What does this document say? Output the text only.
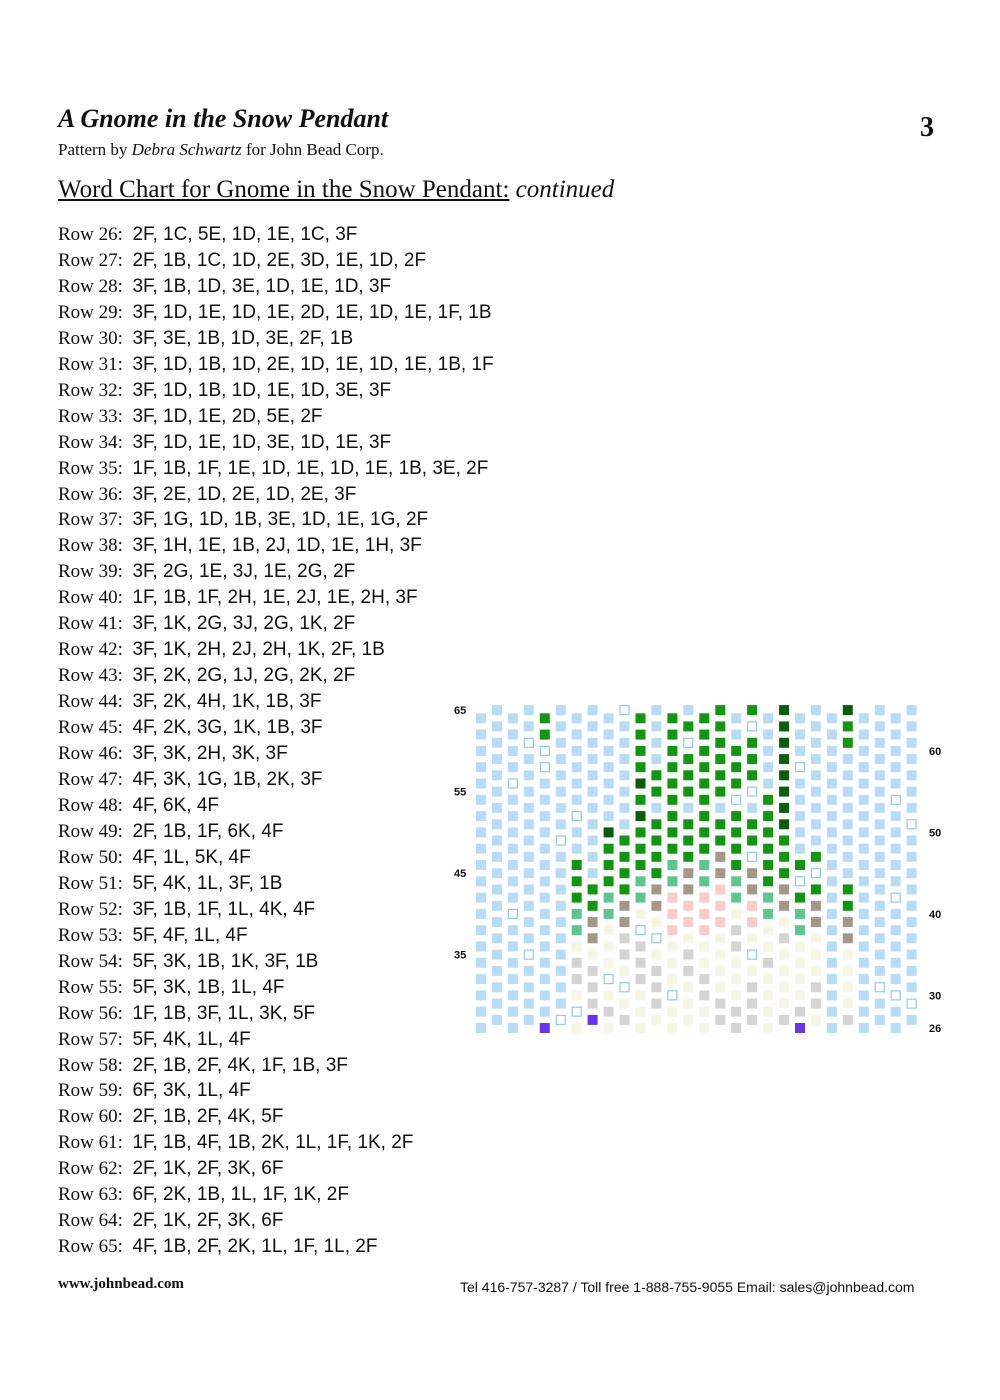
A Gnome in the Snow Pendant
Pattern by Debra Schwartz for John Bead Corp.
3
Word Chart for Gnome in the Snow Pendant: continued
Row 26: 2F, 1C, 5E, 1D, 1E, 1C, 3F
Row 27: 2F, 1B, 1C, 1D, 2E, 3D, 1E, 1D, 2F
Row 28: 3F, 1B, 1D, 3E, 1D, 1E, 1D, 3F
Row 29: 3F, 1D, 1E, 1D, 1E, 2D, 1E, 1D, 1E, 1F, 1B
Row 30: 3F, 3E, 1B, 1D, 3E, 2F, 1B
Row 31: 3F, 1D, 1B, 1D, 2E, 1D, 1E, 1D, 1E, 1B, 1F
Row 32: 3F, 1D, 1B, 1D, 1E, 1D, 3E, 3F
Row 33: 3F, 1D, 1E, 2D, 5E, 2F
Row 34: 3F, 1D, 1E, 1D, 3E, 1D, 1E, 3F
Row 35: 1F, 1B, 1F, 1E, 1D, 1E, 1D, 1E, 1B, 3E, 2F
Row 36: 3F, 2E, 1D, 2E, 1D, 2E, 3F
Row 37: 3F, 1G, 1D, 1B, 3E, 1D, 1E, 1G, 2F
Row 38: 3F, 1H, 1E, 1B, 2J, 1D, 1E, 1H, 3F
Row 39: 3F, 2G, 1E, 3J, 1E, 2G, 2F
Row 40: 1F, 1B, 1F, 2H, 1E, 2J, 1E, 2H, 3F
Row 41: 3F, 1K, 2G, 3J, 2G, 1K, 2F
Row 42: 3F, 1K, 2H, 2J, 2H, 1K, 2F, 1B
Row 43: 3F, 2K, 2G, 1J, 2G, 2K, 2F
Row 44: 3F, 2K, 4H, 1K, 1B, 3F
Row 45: 4F, 2K, 3G, 1K, 1B, 3F
Row 46: 3F, 3K, 2H, 3K, 3F
Row 47: 4F, 3K, 1G, 1B, 2K, 3F
Row 48: 4F, 6K, 4F
Row 49: 2F, 1B, 1F, 6K, 4F
Row 50: 4F, 1L, 5K, 4F
Row 51: 5F, 4K, 1L, 3F, 1B
Row 52: 3F, 1B, 1F, 1L, 4K, 4F
Row 53: 5F, 4F, 1L, 4F
Row 54: 5F, 3K, 1B, 1K, 3F, 1B
Row 55: 5F, 3K, 1B, 1L, 4F
Row 56: 1F, 1B, 3F, 1L, 3K, 5F
Row 57: 5F, 4K, 1L, 4F
Row 58: 2F, 1B, 2F, 4K, 1F, 1B, 3F
Row 59: 6F, 3K, 1L, 4F
Row 60: 2F, 1B, 2F, 4K, 5F
Row 61: 1F, 1B, 4F, 1B, 2K, 1L, 1F, 1K, 2F
Row 62: 2F, 1K, 2F, 3K, 6F
Row 63: 6F, 2K, 1B, 1L, 1F, 1K, 2F
Row 64: 2F, 1K, 2F, 3K, 6F
Row 65: 4F, 1B, 2F, 2K, 1L, 1F, 1L, 2F
65
55
45
35
60
50
40
30
26
www.johnbead.com	Tel 416-757-3287 / Toll free 1-888-755-9055 Email: sales@johnbead.com
